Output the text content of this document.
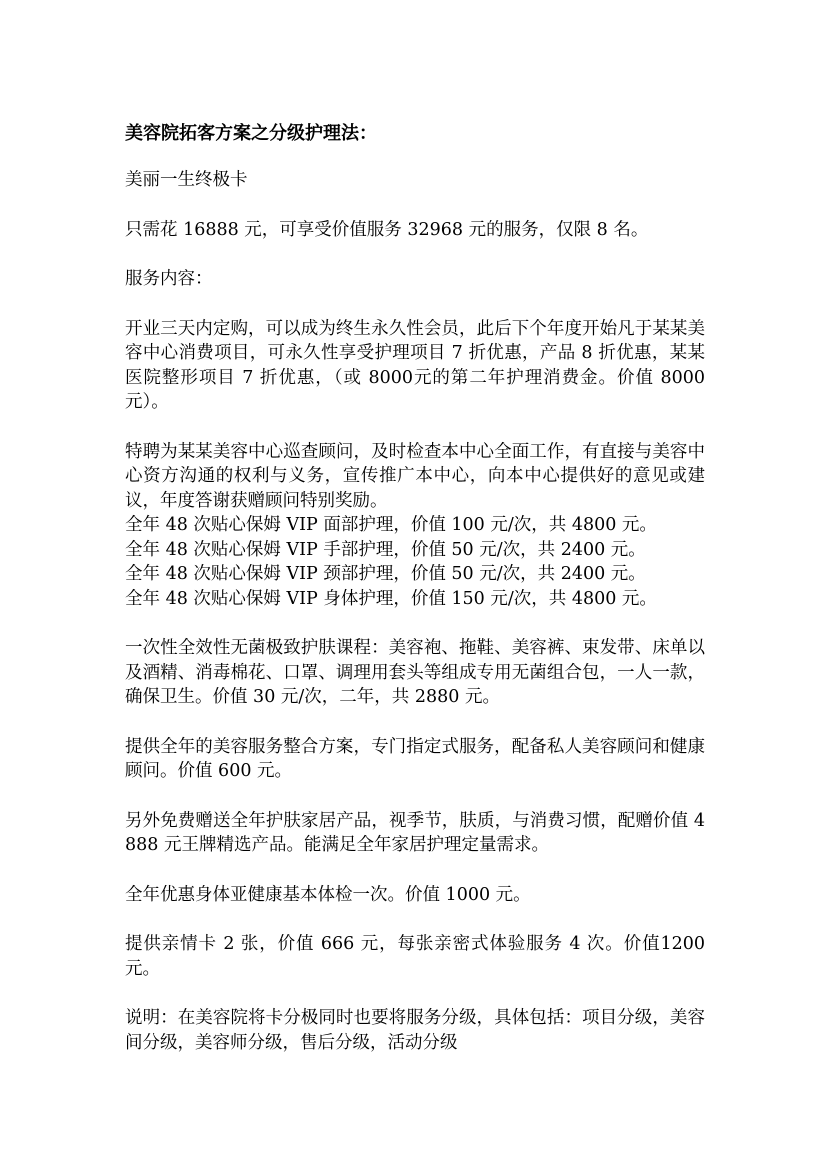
美容院拓客方案之分级护理法：

美丽一生终极卡

只需花 16888 元，可享受价值服务 32968 元的服务，仅限 8 名。

服务内容：

开业三天内定购，可以成为终生永久性会员，此后下个年度开始凡于某某美容中心消费项目，可永久性享受护理项目 7 折优惠，产品 8 折优惠，某某医院整形项目 7 折优惠，（或 8000元的第二年护理消费金。价值 8000 元）。

特聘为某某美容中心巡查顾问，及时检查本中心全面工作，有直接与美容中心资方沟通的权利与义务，宣传推广本中心，向本中心提供好的意见或建议，年度答谢获赠顾问特别奖励。

全年 48 次贴心保姆 VIP 面部护理，价值 100 元/次，共 4800 元。
全年 48 次贴心保姆 VIP 手部护理，价值 50 元/次，共 2400 元。
全年 48 次贴心保姆 VIP 颈部护理，价值 50 元/次，共 2400 元。
全年 48 次贴心保姆 VIP 身体护理，价值 150 元/次，共 4800 元。

一次性全效性无菌极致护肤课程：美容袍、拖鞋、美容裤、束发带、床单以及酒精、消毒棉花、口罩、调理用套头等组成专用无菌组合包，一人一款，确保卫生。价值 30 元/次，二年，共 2880 元。

提供全年的美容服务整合方案，专门指定式服务，配备私人美容顾问和健康顾问。价值 600 元。

另外免费赠送全年护肤家居产品，视季节，肤质，与消费习惯，配赠价值 4888 元王牌精选产品。能满足全年家居护理定量需求。

全年优惠身体亚健康基本体检一次。价值 1000 元。

提供亲情卡 2 张，价值 666 元，每张亲密式体验服务 4 次。价值1200 元。

说明：在美容院将卡分极同时也要将服务分级，具体包括：项目分级，美容间分级，美容师分级，售后分级，活动分级
